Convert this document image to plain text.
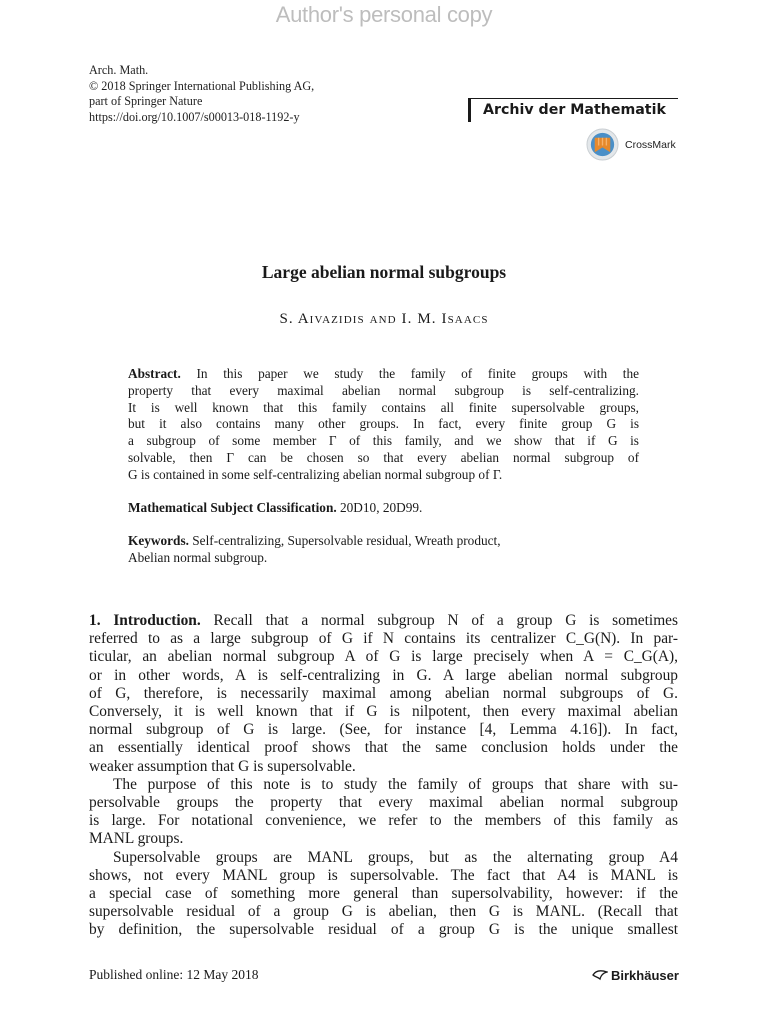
Author's personal copy
Arch. Math.
© 2018 Springer International Publishing AG,
part of Springer Nature
https://doi.org/10.1007/s00013-018-1192-y	Archiv der Mathematik
CrossMark
Large abelian normal subgroups
S. Aivazidis and I. M. Isaacs
Abstract. In this paper we study the family of finite groups with the
property that every maximal abelian normal subgroup is self-centralizing.
It is well known that this family contains all finite supersolvable groups,
but it also contains many other groups. In fact, every finite group G is
a subgroup of some member Γ of this family, and we show that if G is
solvable, then Γ can be chosen so that every abelian normal subgroup of
G is contained in some self-centralizing abelian normal subgroup of Γ.
Mathematical Subject Classification. 20D10, 20D99.
Keywords. Self-centralizing, Supersolvable residual, Wreath product,
Abelian normal subgroup.
1. Introduction. Recall that a normal subgroup N of a group G is sometimes
referred to as a large subgroup of G if N contains its centralizer C_G(N). In par-
ticular, an abelian normal subgroup A of G is large precisely when A = C_G(A),
or in other words, A is self-centralizing in G. A large abelian normal subgroup
of G, therefore, is necessarily maximal among abelian normal subgroups of G.
Conversely, it is well known that if G is nilpotent, then every maximal abelian
normal subgroup of G is large. (See, for instance [4, Lemma 4.16]). In fact,
an essentially identical proof shows that the same conclusion holds under the
weaker assumption that G is supersolvable.
The purpose of this note is to study the family of groups that share with su-
persolvable groups the property that every maximal abelian normal subgroup
is large. For notational convenience, we refer to the members of this family as
MANL groups.
Supersolvable groups are MANL groups, but as the alternating group A4
shows, not every MANL group is supersolvable. The fact that A4 is MANL is
a special case of something more general than supersolvability, however: if the
supersolvable residual of a group G is abelian, then G is MANL. (Recall that
by definition, the supersolvable residual of a group G is the unique smallest
Published online: 12 May 2018	Birkhäuser
